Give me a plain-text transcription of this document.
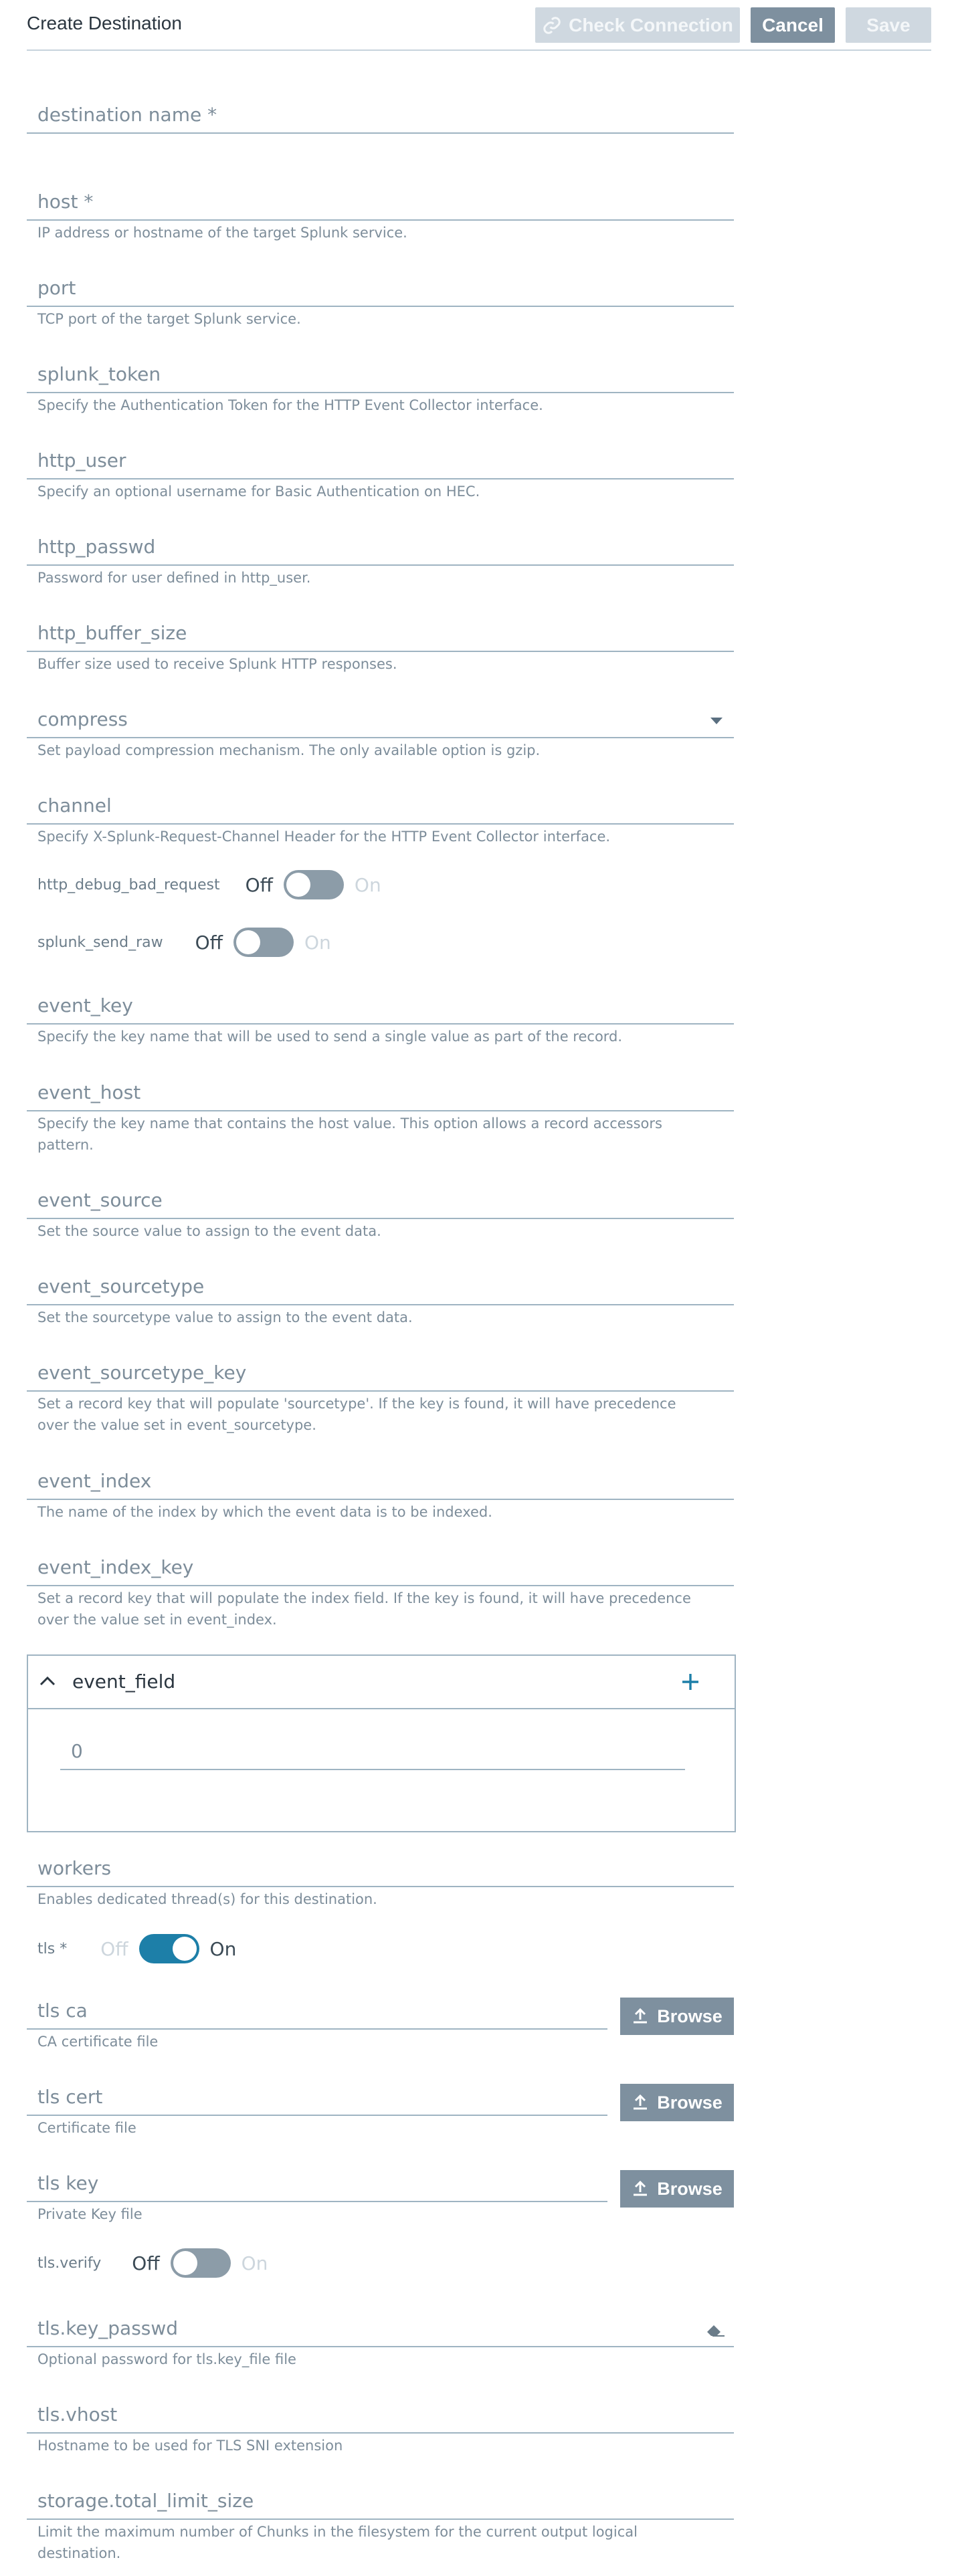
Create Destination	Check Connection	Cancel	Save
destination name *
host *
IP address or hostname of the target Splunk service.
port
TCP port of the target Splunk service.
splunk_token
Specify the Authentication Token for the HTTP Event Collector interface.
http_user
Specify an optional username for Basic Authentication on HEC.
http_passwd
Password for user defined in http_user.
http_buffer_size
Buffer size used to receive Splunk HTTP responses.
compress
Set payload compression mechanism. The only available option is gzip.
channel
Specify X-Splunk-Request-Channel Header for the HTTP Event Collector interface.
http_debug_bad_request Off	On
splunk_send_raw Off	On
event_key
Specify the key name that will be used to send a single value as part of the record.
event_host
Specify the key name that contains the host value. This option allows a record accessors pattern.
event_source
Set the source value to assign to the event data.
event_sourcetype
Set the sourcetype value to assign to the event data.
event_sourcetype_key
Set a record key that will populate 'sourcetype'. If the key is found, it will have precedence over the value set in event_sourcetype.
event_index
The name of the index by which the event data is to be indexed.
event_index_key
Set a record key that will populate the index field. If the key is found, it will have precedence over the value set in event_index.
event_field
0
workers
Enables dedicated thread(s) for this destination.
tls * Off	On
tls ca
CA certificate file
Browse
tls cert
Certificate file
Browse
tls key
Private Key file
Browse
tls.verify Off	On
tls.key_passwd
Optional password for tls.key_file file
tls.vhost
Hostname to be used for TLS SNI extension
storage.total_limit_size
Limit the maximum number of Chunks in the filesystem for the current output logical destination.
